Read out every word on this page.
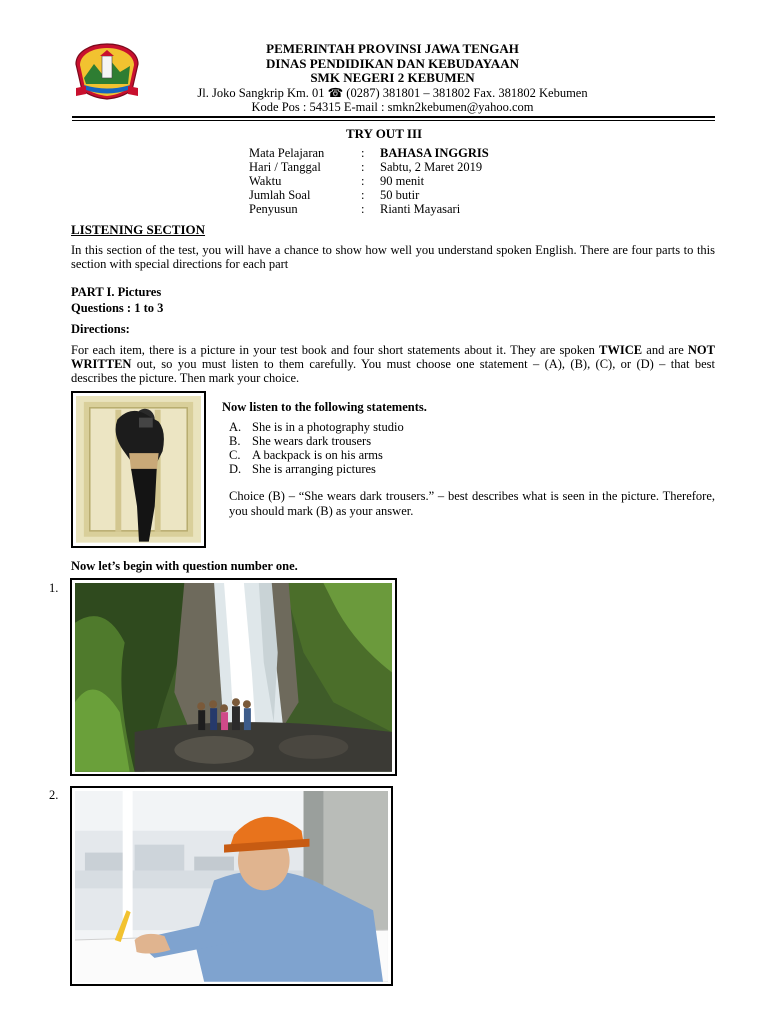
PEMERINTAH PROVINSI JAWA TENGAH
DINAS PENDIDIKAN DAN KEBUDAYAAN
SMK NEGERI 2 KEBUMEN
Jl. Joko Sangkrip Km. 01 ☎ (0287) 381801 – 381802 Fax. 381802 Kebumen
Kode Pos : 54315 E-mail : smkn2kebumen@yahoo.com
TRY OUT III
Mata Pelajaran	:	BAHASA INGGRIS
Hari / Tanggal	:	Sabtu, 2 Maret 2019
Waktu	:	90 menit
Jumlah Soal	:	50 butir
Penyusun	:	Rianti Mayasari
LISTENING SECTION
In this section of the test, you will have a chance to show how well you understand spoken English. There are four parts to this section with special directions for each part
PART I. Pictures
Questions : 1 to 3
Directions:
For each item, there is a picture in your test book and four short statements about it. They are spoken TWICE and are NOT WRITTEN out, so you must listen to them carefully. You must choose one statement – (A), (B), (C), or (D) – that best describes the picture. Then mark your choice.
Now listen to the following statements.
A. She is in a photography studio
B. She wears dark trousers
C. A backpack is on his arms
D. She is arranging pictures
Choice (B) – “She wears dark trousers.” – best describes what is seen in the picture. Therefore, you should mark (B) as your answer.
Now let’s begin with question number one.
1.
2.
